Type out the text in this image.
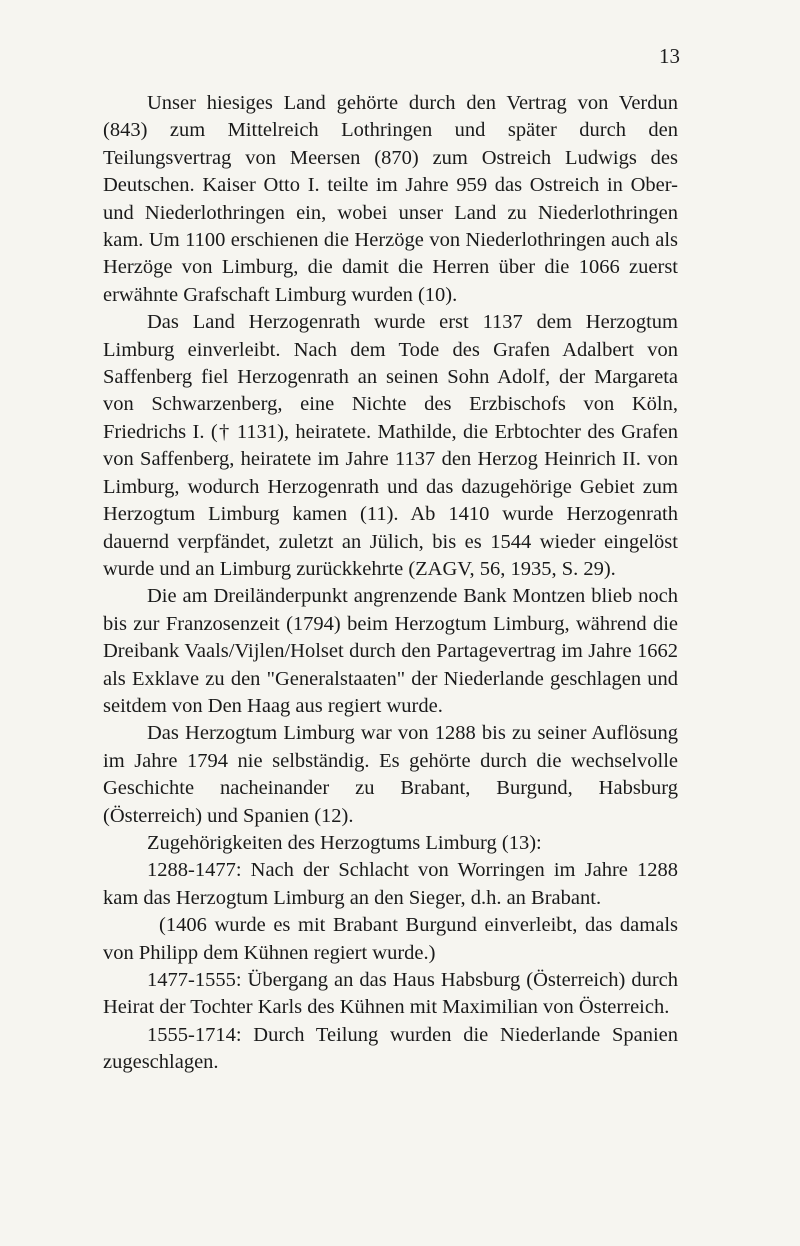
13

Unser hiesiges Land gehörte durch den Vertrag von Verdun (843) zum Mittelreich Lothringen und später durch den Teilungsvertrag von Meersen (870) zum Ostreich Ludwigs des Deutschen. Kaiser Otto I. teilte im Jahre 959 das Ostreich in Ober- und Niederlothringen ein, wobei unser Land zu Niederlothringen kam. Um 1100 erschienen die Herzöge von Niederlothringen auch als Herzöge von Limburg, die damit die Herren über die 1066 zuerst erwähnte Grafschaft Limburg wurden (10).

Das Land Herzogenrath wurde erst 1137 dem Herzogtum Limburg einverleibt. Nach dem Tode des Grafen Adalbert von Saffenberg fiel Herzogenrath an seinen Sohn Adolf, der Margareta von Schwarzenberg, eine Nichte des Erzbischofs von Köln, Friedrichs I. († 1131), heiratete. Mathilde, die Erbtochter des Grafen von Saffenberg, heiratete im Jahre 1137 den Herzog Heinrich II. von Limburg, wodurch Herzogenrath und das dazugehörige Gebiet zum Herzogtum Limburg kamen (11). Ab 1410 wurde Herzogenrath dauernd verpfändet, zuletzt an Jülich, bis es 1544 wieder eingelöst wurde und an Limburg zurückkehrte (ZAGV, 56, 1935, S. 29).

Die am Dreiländerpunkt angrenzende Bank Montzen blieb noch bis zur Franzosenzeit (1794) beim Herzogtum Limburg, während die Dreibank Vaals/Vijlen/Holset durch den Partagevertrag im Jahre 1662 als Exklave zu den "Generalstaaten" der Niederlande geschlagen und seitdem von Den Haag aus regiert wurde.

Das Herzogtum Limburg war von 1288 bis zu seiner Auflösung im Jahre 1794 nie selbständig. Es gehörte durch die wechselvolle Geschichte nacheinander zu Brabant, Burgund, Habsburg (Österreich) und Spanien (12).

Zugehörigkeiten des Herzogtums Limburg (13):

1288-1477: Nach der Schlacht von Worringen im Jahre 1288 kam das Herzogtum Limburg an den Sieger, d.h. an Brabant.

(1406 wurde es mit Brabant Burgund einverleibt, das damals von Philipp dem Kühnen regiert wurde.)

1477-1555: Übergang an das Haus Habsburg (Österreich) durch Heirat der Tochter Karls des Kühnen mit Maximilian von Österreich.

1555-1714: Durch Teilung wurden die Niederlande Spanien zugeschlagen.
